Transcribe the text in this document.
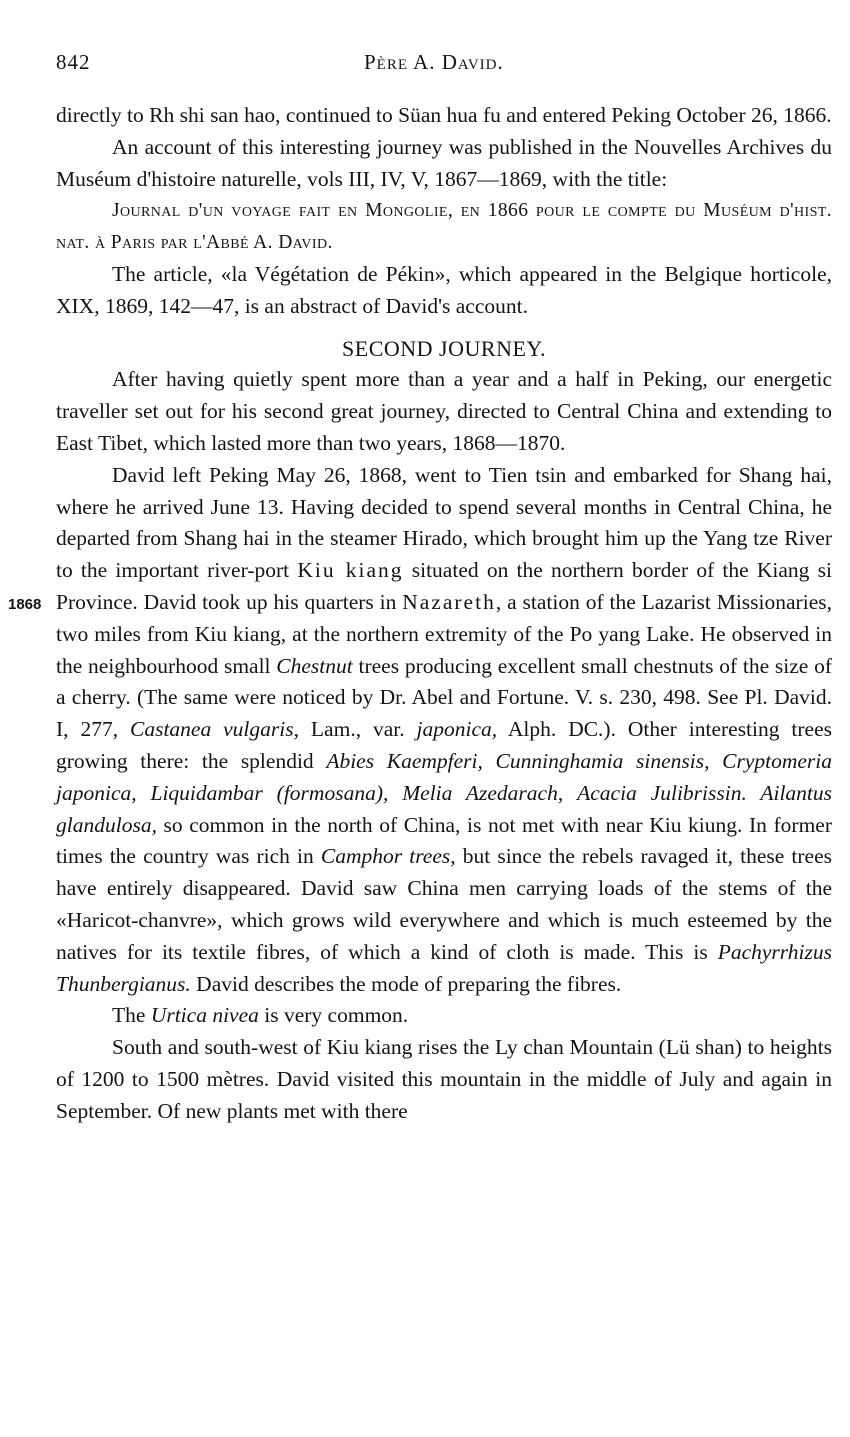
842	Père A. David.
1868

directly to Rh shi san hao, continued to Süan hua fu and entered Peking October 26, 1866.

An account of this interesting journey was published in the Nouvelles Archives du Muséum d'histoire naturelle, vols III, IV, V, 1867—1869, with the title:

Journal d'un voyage fait en Mongolie, en 1866 pour le compte du Muséum d'hist. nat. à Paris par l'Abbé A. David.

The article, «la Végétation de Pékin», which appeared in the Belgique horticole, XIX, 1869, 142—47, is an abstract of David's account.

SECOND JOURNEY.

After having quietly spent more than a year and a half in Peking, our energetic traveller set out for his second great journey, directed to Central China and extending to East Tibet, which lasted more than two years, 1868—1870.

David left Peking May 26, 1868, went to Tien tsin and embarked for Shang hai, where he arrived June 13. Having decided to spend several months in Central China, he departed from Shang hai in the steamer Hirado, which brought him up the Yang tze River to the important river-port Kiu kiang situated on the northern border of the Kiang si Province. David took up his quarters in Nazareth, a station of the Lazarist Missionaries, two miles from Kiu kiang, at the northern extremity of the Po yang Lake. He observed in the neighbourhood small Chestnut trees producing excellent small chestnuts of the size of a cherry. (The same were noticed by Dr. Abel and Fortune. V. s. 230, 498. See Pl. David. I, 277, Castanea vulgaris, Lam., var. japonica, Alph. DC.). Other interesting trees growing there: the splendid Abies Kaempferi, Cunninghamia sinensis, Cryptomeria japonica, Liquidambar (formosana), Melia Azedarach, Acacia Julibrissin. Ailantus glandulosa, so common in the north of China, is not met with near Kiu kiung. In former times the country was rich in Camphor trees, but since the rebels ravaged it, these trees have entirely disappeared. David saw China men carrying loads of the stems of the «Haricot-chanvre», which grows wild everywhere and which is much esteemed by the natives for its textile fibres, of which a kind of cloth is made. This is Pachyrrhizus Thunbergianus. David describes the mode of preparing the fibres.

The Urtica nivea is very common.

South and south-west of Kiu kiang rises the Ly chan Mountain (Lü shan) to heights of 1200 to 1500 mètres. David visited this mountain in the middle of July and again in September. Of new plants met with there
